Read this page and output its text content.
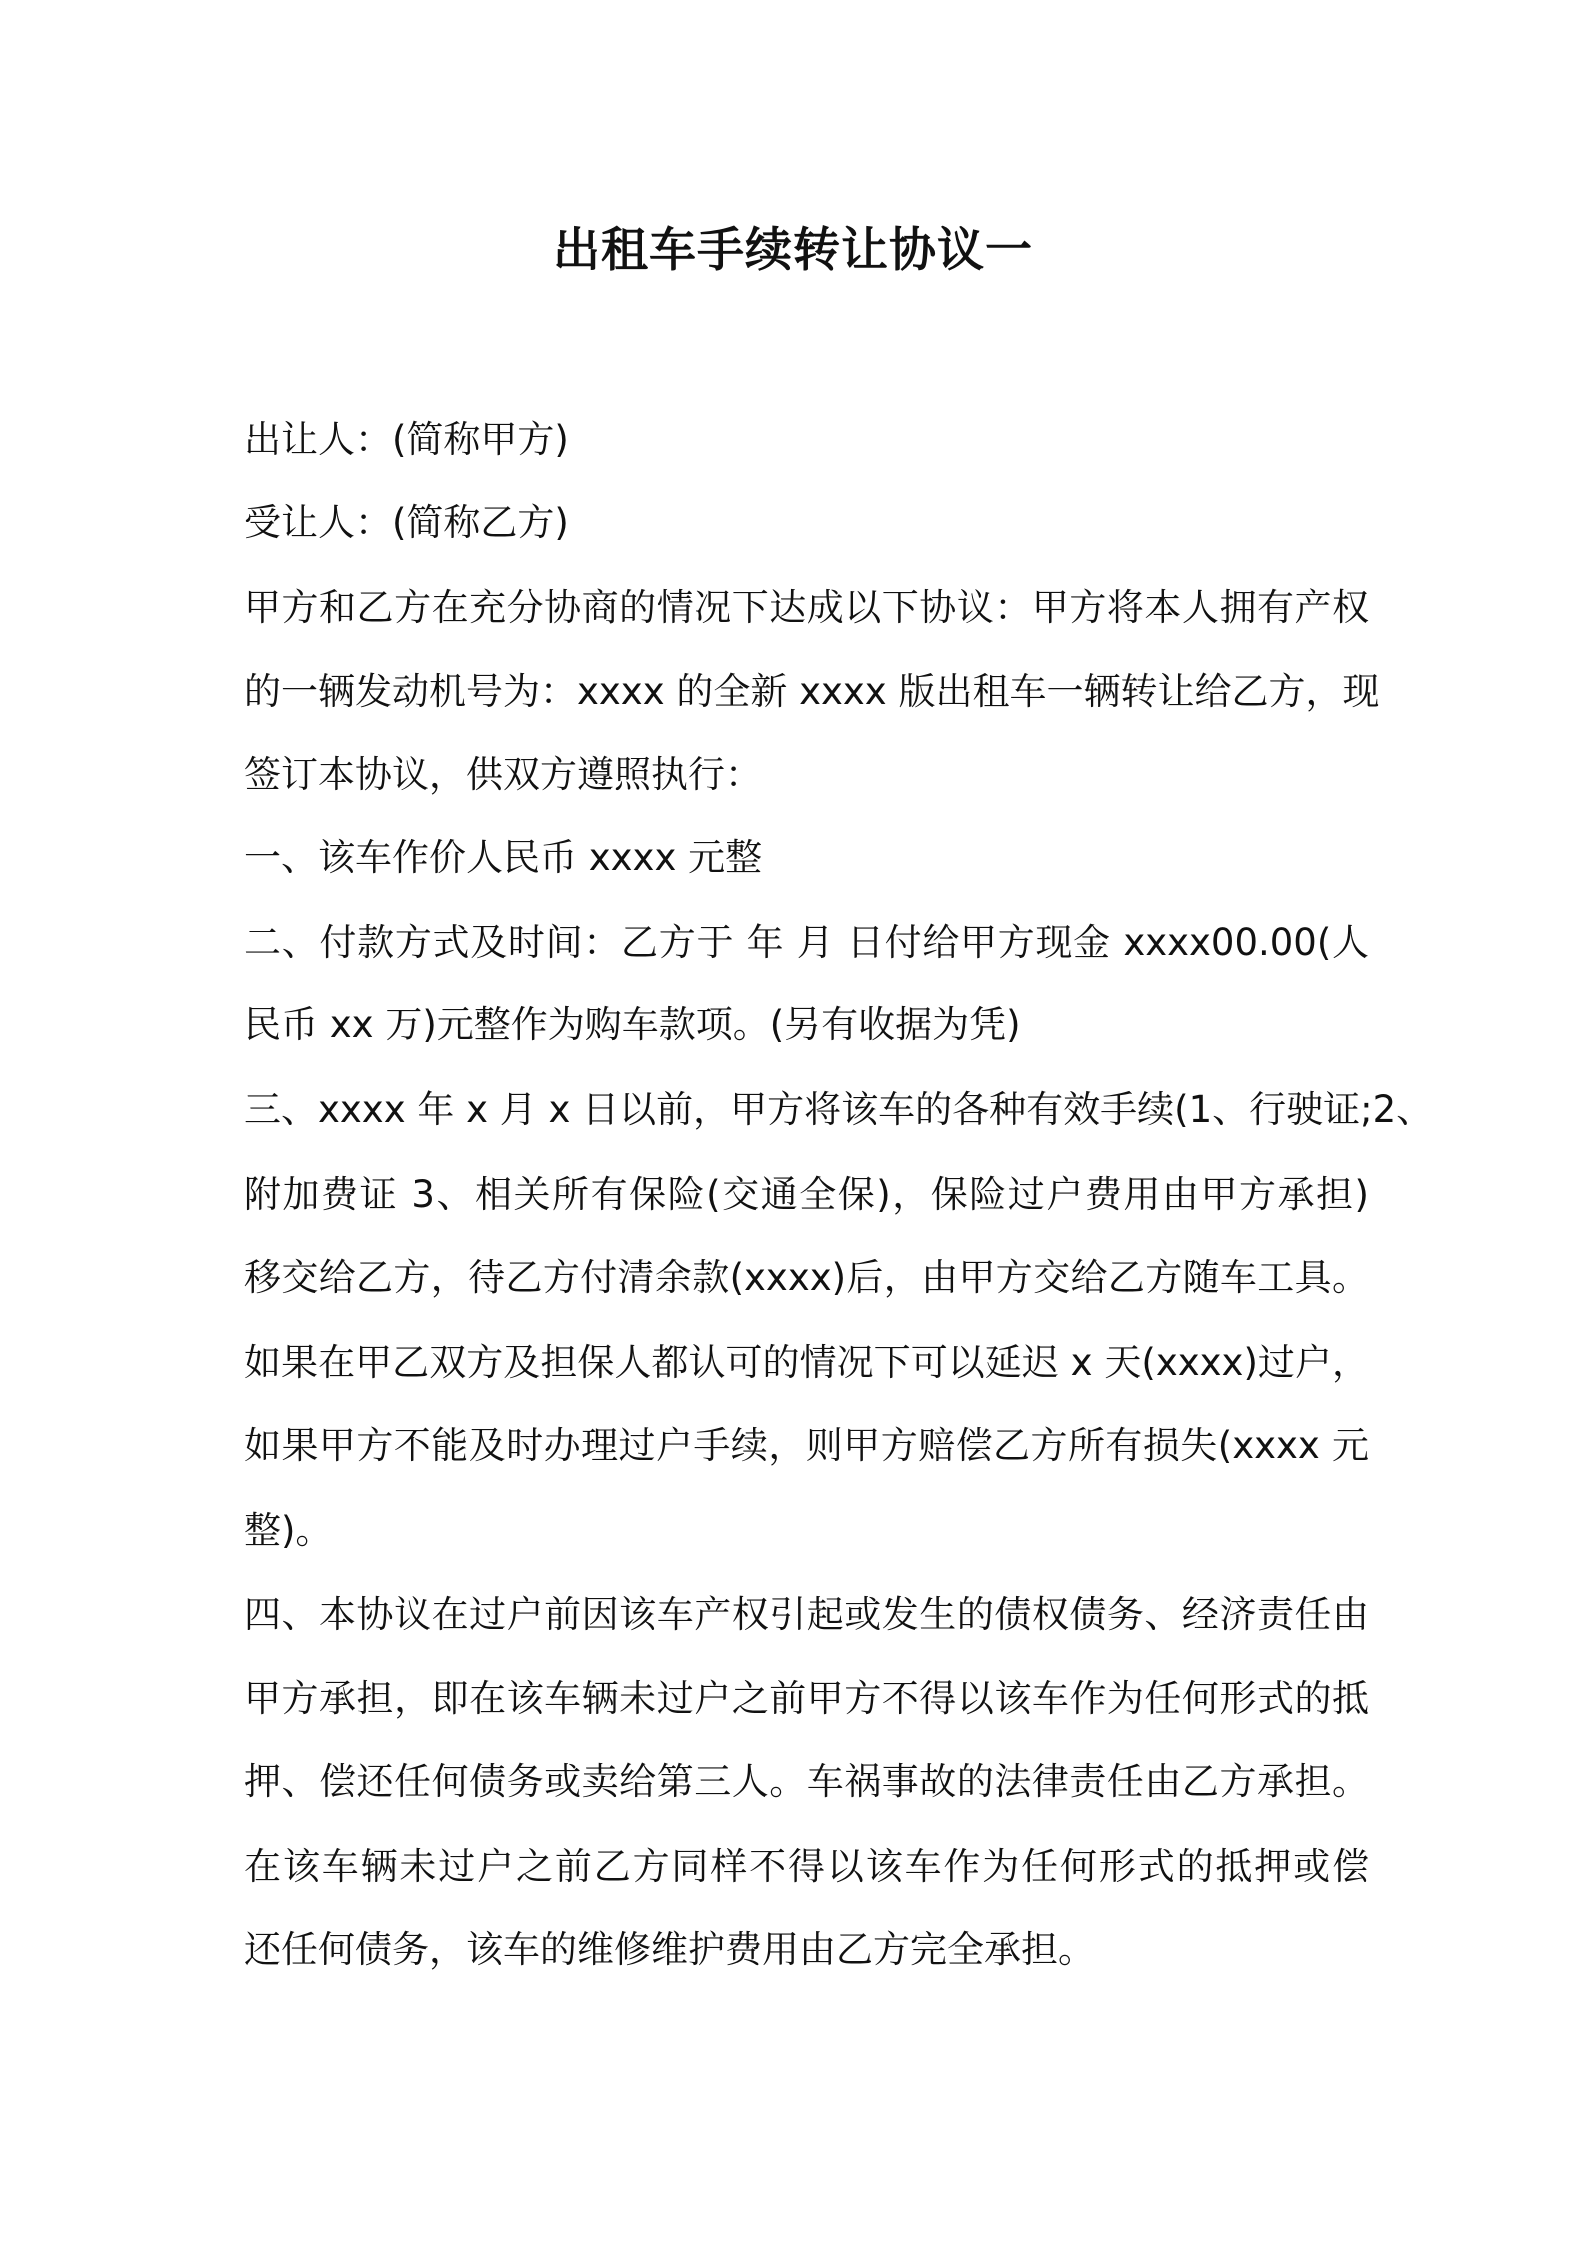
出租车手续转让协议一
出让人：(简称甲方)
受让人：(简称乙方)
甲方和乙方在充分协商的情况下达成以下协议：甲方将本人拥有产权
的一辆发动机号为：xxxx 的全新 xxxx 版出租车一辆转让给乙方，现
签订本协议，供双方遵照执行：
一、该车作价人民币 xxxx 元整
二、付款方式及时间：乙方于 年 月 日付给甲方现金 xxxx00.00(人
民币 xx 万)元整作为购车款项。(另有收据为凭)
三、xxxx 年 x 月 x 日以前，甲方将该车的各种有效手续(1、行驶证;2、
附加费证 3、相关所有保险(交通全保)，保险过户费用由甲方承担)
移交给乙方，待乙方付清余款(xxxx)后，由甲方交给乙方随车工具。
如果在甲乙双方及担保人都认可的情况下可以延迟 x 天(xxxx)过户，
如果甲方不能及时办理过户手续，则甲方赔偿乙方所有损失(xxxx 元
整)。
四、本协议在过户前因该车产权引起或发生的债权债务、经济责任由
甲方承担，即在该车辆未过户之前甲方不得以该车作为任何形式的抵
押、偿还任何债务或卖给第三人。车祸事故的法律责任由乙方承担。
在该车辆未过户之前乙方同样不得以该车作为任何形式的抵押或偿
还任何债务，该车的维修维护费用由乙方完全承担。
